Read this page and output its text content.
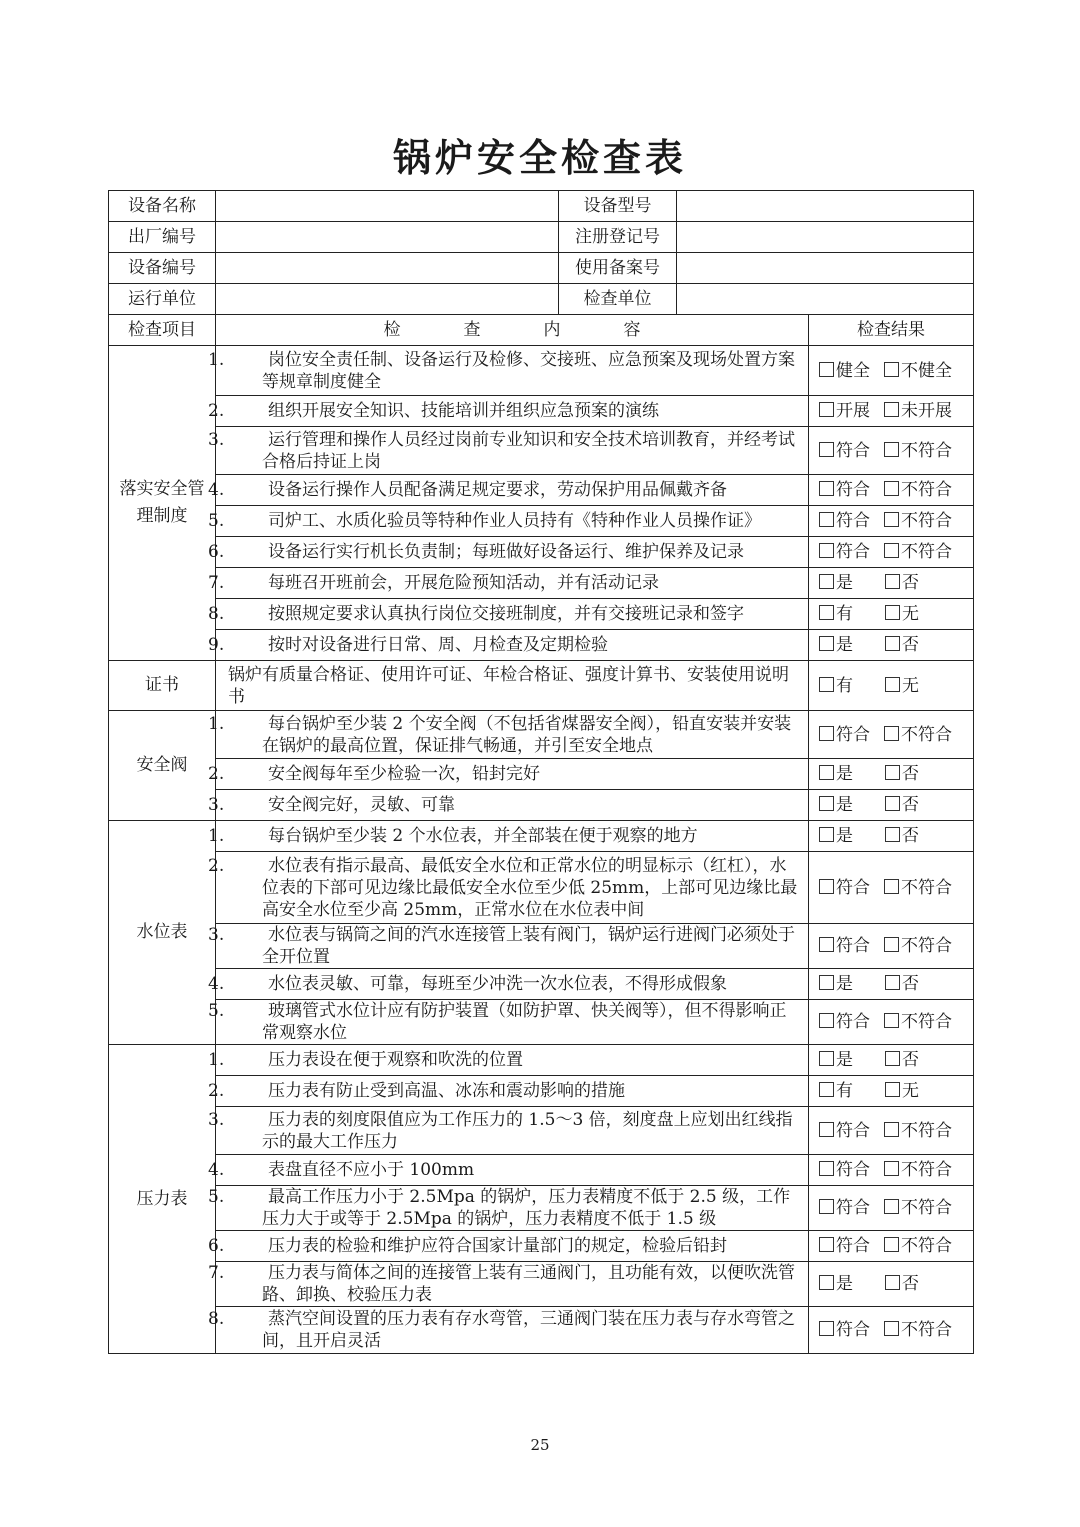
锅炉安全检查表
设备名称		设备型号		
出厂编号		注册登记号		
设备编号		使用备案号		
运行单位		检查单位		
检查项目	检 查 内 容			检查结果
落实安全管理制度	1. 岗位安全责任制、设备运行及检修、交接班、应急预案及现场处置方案等规章制度健全			健全 不健全

	2. 组织开展安全知识、技能培训并组织应急预案的演练			开展 未开展

	3. 运行管理和操作人员经过岗前专业知识和安全技术培训教育，并经考试合格后持证上岗			符合 不符合

	4. 设备运行操作人员配备满足规定要求，劳动保护用品佩戴齐备			符合 不符合

	5. 司炉工、水质化验员等特种作业人员持有《特种作业人员操作证》			符合 不符合

	6. 设备运行实行机长负责制；每班做好设备运行、维护保养及记录			符合 不符合

	7. 每班召开班前会，开展危险预知活动，并有活动记录			是 否

	8. 按照规定要求认真执行岗位交接班制度，并有交接班记录和签字			有 无

	9. 按时对设备进行日常、周、月检查及定期检验			是 否
证书	锅炉有质量合格证、使用许可证、年检合格证、强度计算书、安装使用说明书			有 无
安全阀	1. 每台锅炉至少装 2 个安全阀（不包括省煤器安全阀），铅直安装并安装在锅炉的最高位置，保证排气畅通，并引至安全地点			符合 不符合

	2. 安全阀每年至少检验一次，铅封完好			是 否

	3. 安全阀完好，灵敏、可靠			是 否
水位表	1. 每台锅炉至少装 2 个水位表，并全部装在便于观察的地方			是 否

	2. 水位表有指示最高、最低安全水位和正常水位的明显标示（红杠），水位表的下部可见边缘比最低安全水位至少低 25mm，上部可见边缘比最高安全水位至少高 25mm，正常水位在水位表中间			符合 不符合

	3. 水位表与锅筒之间的汽水连接管上装有阀门，锅炉运行进阀门必须处于全开位置			符合 不符合

	4. 水位表灵敏、可靠，每班至少冲洗一次水位表，不得形成假象			是 否

	5. 玻璃管式水位计应有防护装置（如防护罩、快关阀等），但不得影响正常观察水位			符合 不符合
压力表	1. 压力表设在便于观察和吹洗的位置			是 否

	2. 压力表有防止受到高温、冰冻和震动影响的措施			有 无

	3. 压力表的刻度限值应为工作压力的 1.5～3 倍，刻度盘上应划出红线指示的最大工作压力			符合 不符合

	4. 表盘直径不应小于 100mm			符合 不符合

	5. 最高工作压力小于 2.5Mpa 的锅炉，压力表精度不低于 2.5 级，工作压力大于或等于 2.5Mpa 的锅炉，压力表精度不低于 1.5 级			符合 不符合

	6. 压力表的检验和维护应符合国家计量部门的规定，检验后铅封			符合 不符合

	7. 压力表与简体之间的连接管上装有三通阀门，且功能有效，以便吹洗管路、卸换、校验压力表			是 否

	8. 蒸汽空间设置的压力表有存水弯管，三通阀门装在压力表与存水弯管之间，且开启灵活			符合 不符合
25
